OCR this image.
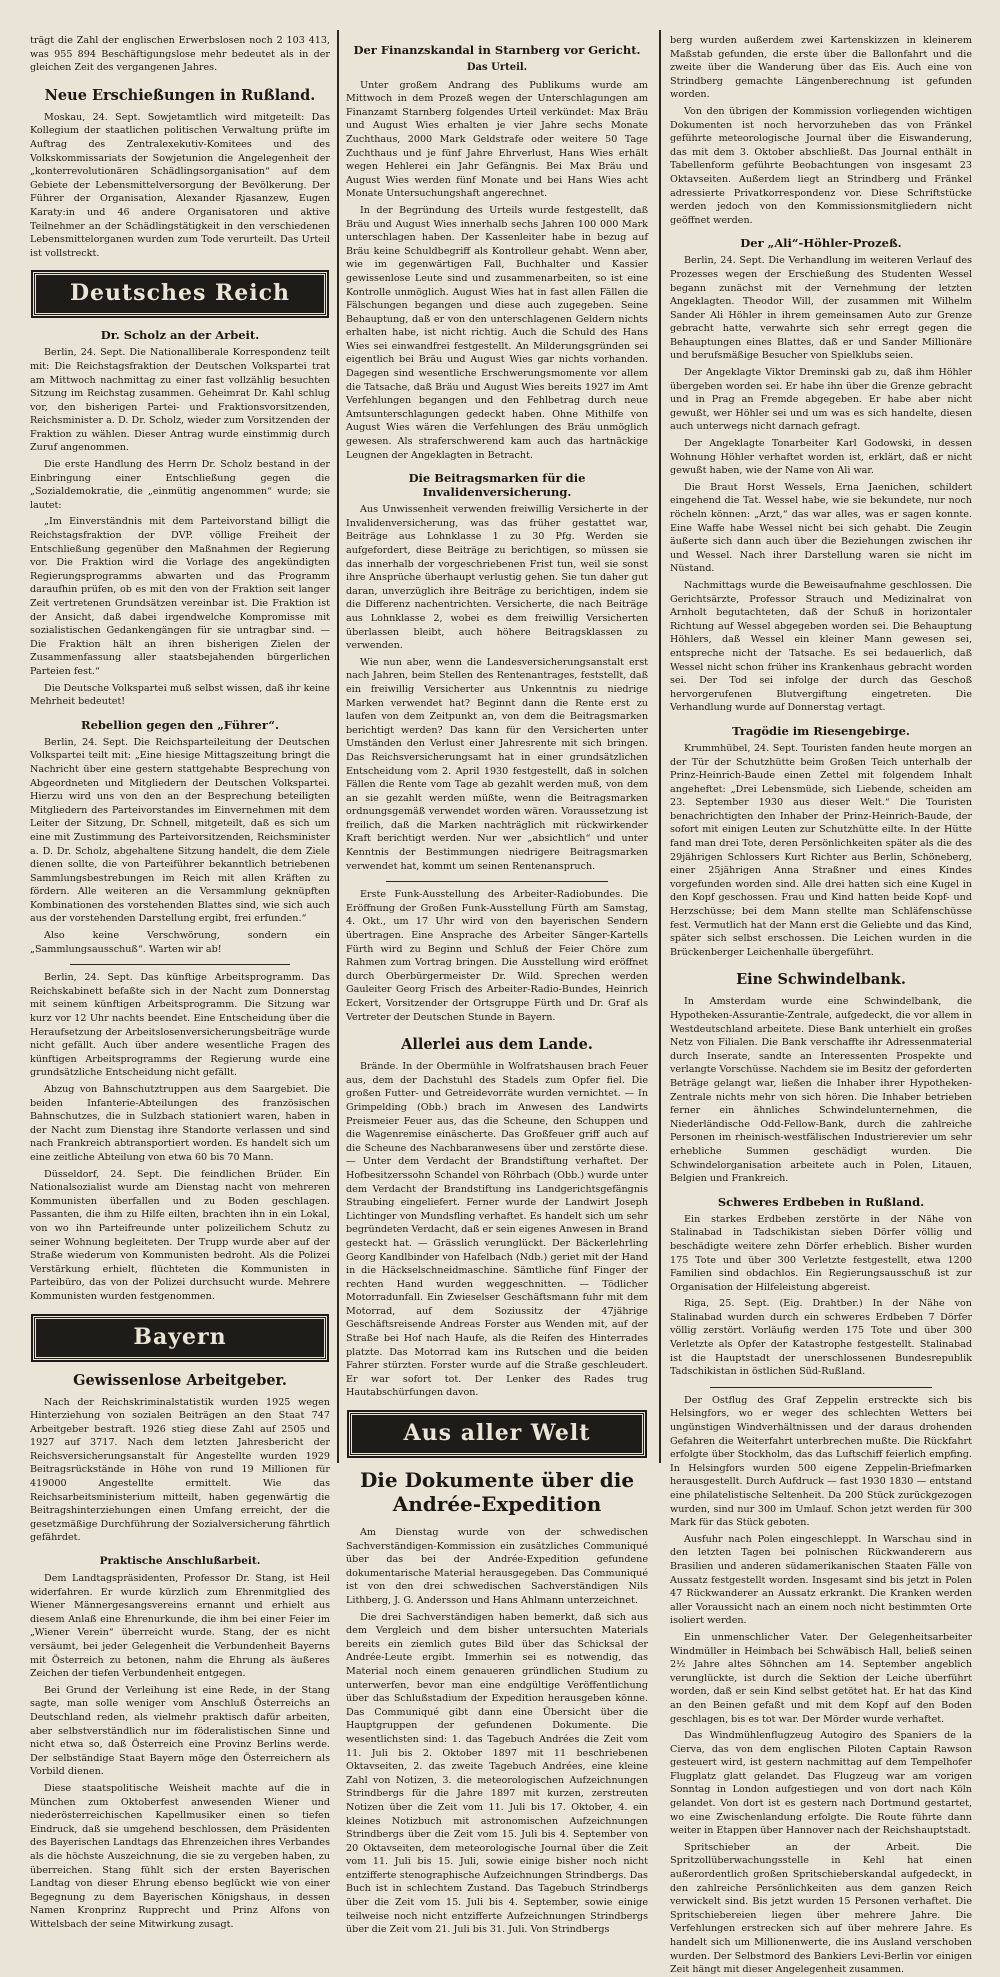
trägt die Zahl der englischen Erwerbslosen noch 2 103 413, was 955 894 Beschäftigungslose mehr bedeutet als in der gleichen Zeit des vergangenen Jahres.

Neue Erschießungen in Rußland.

Moskau, 24. Sept. Sowjetamtlich wird mitgeteilt: Das Kollegium der staatlichen politischen Verwaltung prüfte im Auftrag des Zentralexekutiv-Komitees und des Volkskommissariats der Sowjetunion die Angelegenheit der „konterrevolutionären Schädlingsorganisation“ auf dem Gebiete der Lebensmittelversorgung der Bevölkerung. Der Führer der Organisation, Alexander Rjasanzew, Eugen Karaty:in und 46 andere Organisatoren und aktive Teilnehmer an der Schädlingstätigkeit in den verschiedenen Lebensmittelorganen wurden zum Tode verurteilt. Das Urteil ist vollstreckt.

Deutsches Reich
Dr. Scholz an der Arbeit.

Berlin, 24. Sept. Die Nationalliberale Korrespondenz teilt mit: Die Reichstagsfraktion der Deutschen Volkspartei trat am Mittwoch nachmittag zu einer fast vollzählig besuchten Sitzung im Reichstag zusammen. Geheimrat Dr. Kahl schlug vor, den bisherigen Partei- und Fraktionsvorsitzenden, Reichsminister a. D. Dr. Scholz, wieder zum Vorsitzenden der Fraktion zu wählen. Dieser Antrag wurde einstimmig durch Zuruf angenommen.

Die erste Handlung des Herrn Dr. Scholz bestand in der Einbringung einer Entschließung gegen die „Sozialdemokratie, die „einmütig angenommen“ wurde; sie lautet:

„Im Einverständnis mit dem Parteivorstand billigt die Reichstagsfraktion der DVP. völlige Freiheit der Entschließung gegenüber den Maßnahmen der Regierung vor. Die Fraktion wird die Vorlage des angekündigten Regierungsprogramms abwarten und das Programm daraufhin prüfen, ob es mit den von der Fraktion seit langer Zeit vertretenen Grundsätzen vereinbar ist. Die Fraktion ist der Ansicht, daß dabei irgendwelche Kompromisse mit sozialistischen Gedankengängen für sie untragbar sind. — Die Fraktion hält an ihren bisherigen Zielen der Zusammenfassung aller staatsbejahenden bürgerlichen Parteien fest.“

Die Deutsche Volkspartei muß selbst wissen, daß ihr keine Mehrheit bedeutet!

Rebellion gegen den „Führer“.

Berlin, 24. Sept. Die Reichsparteileitung der Deutschen Volkspartei teilt mit: „Eine hiesige Mittagszeitung bringt die Nachricht über eine gestern stattgehabte Besprechung von Abgeordneten und Mitgliedern der Deutschen Volkspartei. Hierzu wird uns von den an der Besprechung beteiligten Mitgliedern des Parteivorstandes im Einvernehmen mit dem Leiter der Sitzung, Dr. Schnell, mitgeteilt, daß es sich um eine mit Zustimmung des Parteivorsitzenden, Reichsminister a. D. Dr. Scholz, abgehaltene Sitzung handelt, die dem Ziele dienen sollte, die von Parteiführer bekanntlich betriebenen Sammlungsbestrebungen im Reich mit allen Kräften zu fördern. Alle weiteren an die Versammlung geknüpften Kombinationen des vorstehenden Blattes sind, wie sich auch aus der vorstehenden Darstellung ergibt, frei erfunden.“

Also keine Verschwörung, sondern ein „Sammlungsausschuß“. Warten wir ab!

Berlin, 24. Sept. Das künftige Arbeitsprogramm. Das Reichskabinett befaßte sich in der Nacht zum Donnerstag mit seinem künftigen Arbeitsprogramm. Die Sitzung war kurz vor 12 Uhr nachts beendet. Eine Entscheidung über die Heraufsetzung der Arbeitslosenversicherungsbeiträge wurde nicht gefällt. Auch über andere wesentliche Fragen des künftigen Arbeitsprogramms der Regierung wurde eine grundsätzliche Entscheidung nicht gefällt.

Abzug von Bahnschutztruppen aus dem Saargebiet. Die beiden Infanterie-Abteilungen des französischen Bahnschutzes, die in Sulzbach stationiert waren, haben in der Nacht zum Dienstag ihre Standorte verlassen und sind nach Frankreich abtransportiert worden. Es handelt sich um eine zeitliche Abteilung von etwa 60 bis 70 Mann.

Düsseldorf, 24. Sept. Die feindlichen Brüder. Ein Nationalsozialist wurde am Dienstag nacht von mehreren Kommunisten überfallen und zu Boden geschlagen. Passanten, die ihm zu Hilfe eilten, brachten ihn in ein Lokal, von wo ihn Parteifreunde unter polizeilichem Schutz zu seiner Wohnung begleiteten. Der Trupp wurde aber auf der Straße wiederum von Kommunisten bedroht. Als die Polizei Verstärkung erhielt, flüchteten die Kommunisten in Parteibüro, das von der Polizei durchsucht wurde. Mehrere Kommunisten wurden festgenommen.

Bayern
Gewissenlose Arbeitgeber.

Nach der Reichskriminalstatistik wurden 1925 wegen Hinterziehung von sozialen Beiträgen an den Staat 747 Arbeitgeber bestraft. 1926 stieg diese Zahl auf 2505 und 1927 auf 3717. Nach dem letzten Jahresbericht der Reichsversicherungsanstalt für Angestellte wurden 1929 Beitragsrückstände in Höhe von rund 19 Millionen für 419000 Angestellte ermittelt. Wie das Reichsarbeitsministerium mitteilt, haben gegenwärtig die Beitragshinterziehungen einen Umfang erreicht, der die gesetzmäßige Durchführung der Sozialversicherung fährtlich gefährdet.

Praktische Anschlußarbeit.

Dem Landtagspräsidenten, Professor Dr. Stang, ist Heil widerfahren. Er wurde kürzlich zum Ehrenmitglied des Wiener Männergesangsvereins ernannt und erhielt aus diesem Anlaß eine Ehrenurkunde, die ihm bei einer Feier im „Wiener Verein“ überreicht wurde. Stang, der es nicht versäumt, bei jeder Gelegenheit die Verbundenheit Bayerns mit Österreich zu betonen, nahm die Ehrung als äußeres Zeichen der tiefen Verbundenheit entgegen.

Bei Grund der Verleihung ist eine Rede, in der Stang sagte, man solle weniger vom Anschluß Österreichs an Deutschland reden, als vielmehr praktisch dafür arbeiten, aber selbstverständlich nur im föderalistischen Sinne und nicht etwa so, daß Österreich eine Provinz Berlins werde. Der selbständige Staat Bayern möge den Österreichern als Vorbild dienen.

Diese staatspolitische Weisheit machte auf die in München zum Oktoberfest anwesenden Wiener und niederösterreichischen Kapellmusiker einen so tiefen Eindruck, daß sie umgehend beschlossen, dem Präsidenten des Bayerischen Landtags das Ehrenzeichen ihres Verbandes als die höchste Auszeichnung, die sie zu vergeben haben, zu überreichen. Stang fühlt sich der ersten Bayerischen Landtag von dieser Ehrung ebenso beglückt wie von einer Begegnung zu dem Bayerischen Königshaus, in dessen Namen Kronprinz Rupprecht und Prinz Alfons von Wittelsbach der seine Mitwirkung zusagt.

Der Finanzskandal in Starnberg vor Gericht.
Das Urteil.

Unter großem Andrang des Publikums wurde am Mittwoch in dem Prozeß wegen der Unterschlagungen am Finanzamt Starnberg folgendes Urteil verkündet: Max Bräu und August Wies erhalten je vier Jahre sechs Monate Zuchthaus, 2000 Mark Geldstrafe oder weitere 50 Tage Zuchthaus und je fünf Jahre Ehrverlust, Hans Wies erhält wegen Hehlerei ein Jahr Gefängnis. Bei Max Bräu und August Wies werden fünf Monate und bei Hans Wies acht Monate Untersuchungshaft angerechnet.

In der Begründung des Urteils wurde festgestellt, daß Bräu und August Wies innerhalb sechs Jahren 100 000 Mark unterschlagen haben. Der Kassenleiter habe in bezug auf Bräu keine Schuldbegriff als Kontrolleur gehabt. Wenn aber, wie im gegenwärtigen Fall, Buchhalter und Kassier gewissenlose Leute sind und zusammenarbeiten, so ist eine Kontrolle unmöglich. August Wies hat in fast allen Fällen die Fälschungen begangen und diese auch zugegeben. Seine Behauptung, daß er von den unterschlagenen Geldern nichts erhalten habe, ist nicht richtig. Auch die Schuld des Hans Wies sei einwandfrei festgestellt. An Milderungsgründen sei eigentlich bei Bräu und August Wies gar nichts vorhanden. Dagegen sind wesentliche Erschwerungsmomente vor allem die Tatsache, daß Bräu und August Wies bereits 1927 im Amt Verfehlungen begangen und den Fehlbetrag durch neue Amtsunterschlagungen gedeckt haben. Ohne Mithilfe von August Wies wären die Verfehlungen des Bräu unmöglich gewesen. Als straferschwerend kam auch das hartnäckige Leugnen der Angeklagten in Betracht.

Die Beitragsmarken für die Invalidenversicherung.

Aus Unwissenheit verwenden freiwillig Versicherte in der Invalidenversicherung, was das früher gestattet war, Beiträge aus Lohnklasse 1 zu 30 Pfg. Werden sie aufgefordert, diese Beiträge zu berichtigen, so müssen sie das innerhalb der vorgeschriebenen Frist tun, weil sie sonst ihre Ansprüche überhaupt verlustig gehen. Sie tun daher gut daran, unverzüglich ihre Beiträge zu berichtigen, indem sie die Differenz nachentrichten. Versicherte, die nach Beiträge aus Lohnklasse 2, wobei es dem freiwillig Versicherten überlassen bleibt, auch höhere Beitragsklassen zu verwenden.

Wie nun aber, wenn die Landesversicherungsanstalt erst nach Jahren, beim Stellen des Rentenantrages, feststellt, daß ein freiwillig Versicherter aus Unkenntnis zu niedrige Marken verwendet hat? Beginnt dann die Rente erst zu laufen von dem Zeitpunkt an, von dem die Beitragsmarken berichtigt werden? Das kann für den Versicherten unter Umständen den Verlust einer Jahresrente mit sich bringen. Das Reichsversicherungsamt hat in einer grundsätzlichen Entscheidung vom 2. April 1930 festgestellt, daß in solchen Fällen die Rente vom Tage ab gezahlt werden muß, von dem an sie gezahlt werden müßte, wenn die Beitragsmarken ordnungsgemäß verwendet worden wären. Voraussetzung ist freilich, daß die Marken nachträglich mit rückwirkender Kraft berichtigt werden. Nur wer „absichtlich“ und unter Kenntnis der Bestimmungen niedrigere Beitragsmarken verwendet hat, kommt um seinen Rentenanspruch.

Erste Funk-Ausstellung des Arbeiter-Radiobundes. Die Eröffnung der Großen Funk-Ausstellung Fürth am Samstag, 4. Okt., um 17 Uhr wird von den bayerischen Sendern übertragen. Eine Ansprache des Arbeiter Sänger-Kartells Fürth wird zu Beginn und Schluß der Feier Chöre zum Rahmen zum Vortrag bringen. Die Ausstellung wird eröffnet durch Oberbürgermeister Dr. Wild. Sprechen werden Gauleiter Georg Frisch des Arbeiter-Radio-Bundes, Heinrich Eckert, Vorsitzender der Ortsgruppe Fürth und Dr. Graf als Vertreter der Deutschen Stunde in Bayern.

Allerlei aus dem Lande.

Brände. In der Obermühle in Wolfratshausen brach Feuer aus, dem der Dachstuhl des Stadels zum Opfer fiel. Die großen Futter- und Getreidevorräte wurden vernichtet. — In Grimpelding (Obb.) brach im Anwesen des Landwirts Preismeier Feuer aus, das die Scheune, den Schuppen und die Wagenremise einäscherte. Das Großfeuer griff auch auf die Scheune des Nachbaranwesens über und zerstörte diese. — Unter dem Verdacht der Brandstiftung verhaftet. Der Hofbesitzerssohn Schandel von Röhrbach (Obb.) wurde unter dem Verdacht der Brandstiftung ins Landgerichtsgefängnis Straubing eingeliefert. Ferner wurde der Landwirt Joseph Lichtinger von Mundsfling verhaftet. Es handelt sich um sehr begründeten Verdacht, daß er sein eigenes Anwesen in Brand gesteckt hat. — Grässlich verunglückt. Der Bäckerlehrling Georg Kandlbinder von Hafelbach (Ndb.) geriet mit der Hand in die Häckselschneidmaschine. Sämtliche fünf Finger der rechten Hand wurden weggeschnitten. — Tödlicher Motorradunfall. Ein Zwieselser Geschäftsmann fuhr mit dem Motorrad, auf dem Soziussitz der 47jährige Geschäftsreisende Andreas Forster aus Wenden mit, auf der Straße bei Hof nach Haufe, als die Reifen des Hinterrades platzte. Das Motorrad kam ins Rutschen und die beiden Fahrer stürzten. Forster wurde auf die Straße geschleudert. Er war sofort tot. Der Lenker des Rades trug Hautabschürfungen davon.

Aus aller Welt
Die Dokumente über die Andrée-Expedition

Am Dienstag wurde von der schwedischen Sachverständigen-Kommission ein zusätzliches Communiqué über das bei der Andrée-Expedition gefundene dokumentarische Material herausgegeben. Das Communiqué ist von den drei schwedischen Sachverständigen Nils Lithberg, J. G. Andersson und Hans Ahlmann unterzeichnet.

Die drei Sachverständigen haben bemerkt, daß sich aus dem Vergleich und dem bisher untersuchten Materials bereits ein ziemlich gutes Bild über das Schicksal der Andrée-Leute ergibt. Immerhin sei es notwendig, das Material noch einem genaueren gründlichen Studium zu unterwerfen, bevor man eine endgültige Veröffentlichung über das Schlußstadium der Expedition herausgeben könne. Das Communiqué gibt dann eine Übersicht über die Hauptgruppen der gefundenen Dokumente. Die wesentlichsten sind: 1. das Tagebuch Andrées die Zeit vom 11. Juli bis 2. Oktober 1897 mit 11 beschriebenen Oktavseiten, 2. das zweite Tagebuch Andrées, eine kleine Zahl von Notizen, 3. die meteorologischen Aufzeichnungen Strindbergs für die Jahre 1897 mit kurzen, zerstreuten Notizen über die Zeit vom 11. Juli bis 17. Oktober, 4. ein kleines Notizbuch mit astronomischen Aufzeichnungen Strindbergs über die Zeit vom 15. Juli bis 4. September von 20 Oktavseiten, dem meteorologische Journal über die Zeit vom 11. Juli bis 15. Juli, sowie einige bisher noch nicht entzifferte stenographische Aufzeichnungen Strindbergs. Das Buch ist in schlechtem Zustand. Das Tagebuch Strindbergs über die Zeit vom 15. Juli bis 4. September, sowie einige teilweise noch nicht entzifferte Aufzeichnungen Strindbergs über die Zeit vom 21. Juli bis 31. Juli. Von Strindbergs

berg wurden außerdem zwei Kartenskizzen in kleinerem Maßstab gefunden, die erste über die Ballonfahrt und die zweite über die Wanderung über das Eis. Auch eine von Strindberg gemachte Längenberechnung ist gefunden worden.

Von den übrigen der Kommission vorliegenden wichtigen Dokumenten ist noch hervorzuheben das von Fränkel geführte meteorologische Journal über die Eiswanderung, das mit dem 3. Oktober abschließt. Das Journal enthält in Tabellenform geführte Beobachtungen von insgesamt 23 Oktavseiten. Außerdem liegt an Strindberg und Fränkel adressierte Privatkorrespondenz vor. Diese Schriftstücke werden jedoch von den Kommissionsmitgliedern nicht geöffnet werden.

Der „Ali“-Höhler-Prozeß.

Berlin, 24. Sept. Die Verhandlung im weiteren Verlauf des Prozesses wegen der Erschießung des Studenten Wessel begann zunächst mit der Vernehmung der letzten Angeklagten. Theodor Will, der zusammen mit Wilhelm Sander Ali Höhler in ihrem gemeinsamen Auto zur Grenze gebracht hatte, verwahrte sich sehr erregt gegen die Behauptungen eines Blattes, daß er und Sander Millionäre und berufsmäßige Besucher von Spielklubs seien.

Der Angeklagte Viktor Dreminski gab zu, daß ihm Höhler übergeben worden sei. Er habe ihn über die Grenze gebracht und in Prag an Fremde abgegeben. Er habe aber nicht gewußt, wer Höhler sei und um was es sich handelte, diesen auch unterwegs nicht darnach gefragt.

Der Angeklagte Tonarbeiter Karl Godowski, in dessen Wohnung Höhler verhaftet worden ist, erklärt, daß er nicht gewußt haben, wie der Name von Ali war.

Die Braut Horst Wessels, Erna Jaenichen, schildert eingehend die Tat. Wessel habe, wie sie bekundete, nur noch röcheln können: „Arzt,“ das war alles, was er sagen konnte. Eine Waffe habe Wessel nicht bei sich gehabt. Die Zeugin äußerte sich dann auch über die Beziehungen zwischen ihr und Wessel. Nach ihrer Darstellung waren sie nicht im Nüstand.

Nachmittags wurde die Beweisaufnahme geschlossen. Die Gerichtsärzte, Professor Strauch und Medizinalrat von Arnholt begutachteten, daß der Schuß in horizontaler Richtung auf Wessel abgegeben worden sei. Die Behauptung Höhlers, daß Wessel ein kleiner Mann gewesen sei, entspreche nicht der Tatsache. Es sei bedauerlich, daß Wessel nicht schon früher ins Krankenhaus gebracht worden sei. Der Tod sei infolge der durch das Geschoß hervorgerufenen Blutvergiftung eingetreten. Die Verhandlung wurde auf Donnerstag vertagt.

Tragödie im Riesengebirge.

Krummhübel, 24. Sept. Touristen fanden heute morgen an der Tür der Schutzhütte beim Großen Teich unterhalb der Prinz-Heinrich-Baude einen Zettel mit folgendem Inhalt angeheftet: „Drei Lebensmüde, sich Liebende, scheiden am 23. September 1930 aus dieser Welt.“ Die Touristen benachrichtigten den Inhaber der Prinz-Heinrich-Baude, der sofort mit einigen Leuten zur Schutzhütte eilte. In der Hütte fand man drei Tote, deren Persönlichkeiten später als die des 29jährigen Schlossers Kurt Richter aus Berlin, Schöneberg, einer 25jährigen Anna Straßner und eines Kindes vorgefunden worden sind. Alle drei hatten sich eine Kugel in den Kopf geschossen. Frau und Kind hatten beide Kopf- und Herzschüsse; bei dem Mann stellte man Schläfenschüsse fest. Vermutlich hat der Mann erst die Geliebte und das Kind, später sich selbst erschossen. Die Leichen wurden in die Brückenberger Leichenhalle übergeführt.

Eine Schwindelbank.

In Amsterdam wurde eine Schwindelbank, die Hypotheken-Assurantie-Zentrale, aufgedeckt, die vor allem in Westdeutschland arbeitete. Diese Bank unterhielt ein großes Netz von Filialen. Die Bank verschaffte ihr Adressenmaterial durch Inserate, sandte an Interessenten Prospekte und verlangte Vorschüsse. Nachdem sie im Besitz der geforderten Beträge gelangt war, ließen die Inhaber ihrer Hypotheken-Zentrale nichts mehr von sich hören. Die Inhaber betrieben ferner ein ähnliches Schwindelunternehmen, die Niederländische Odd-Fellow-Bank, durch die zahlreiche Personen im rheinisch-westfälischen Industrierevier um sehr erhebliche Summen geschädigt wurden. Die Schwindelorganisation arbeitete auch in Polen, Litauen, Belgien und Frankreich.

Schweres Erdbeben in Rußland.

Ein starkes Erdbeben zerstörte in der Nähe von Stalinabad in Tadschikistan sieben Dörfer völlig und beschädigte weitere zehn Dörfer erheblich. Bisher wurden 175 Tote und über 300 Verletzte festgestellt, etwa 1200 Familien sind obdachlos. Ein Regierungsausschuß ist zur Organisation der Hilfeleistung abgereist.

Riga, 25. Sept. (Eig. Drahtber.) In der Nähe von Stalinabad wurden durch ein schweres Erdbeben 7 Dörfer völlig zerstört. Vorläufig werden 175 Tote und über 300 Verletzte als Opfer der Katastrophe festgestellt. Stalinabad ist die Hauptstadt der unerschlossenen Bundesrepublik Tadschikistan in östlichen Süd-Rußland.

Der Ostflug des Graf Zeppelin erstreckte sich bis Helsingfors, wo er weger des schlechten Wetters bei ungünstigen Windverhältnissen und der daraus drohenden Gefahren die Weiterfahrt unterbrechen mußte. Die Rückfahrt erfolgte über Stockholm, das das Luftschiff feierlich empfing. In Helsingfors wurden 500 eigene Zeppelin-Briefmarken herausgestellt. Durch Aufdruck — fast 1930 1830 — entstand eine philatelistische Seltenheit. Da 200 Stück zurückgezogen wurden, sind nur 300 im Umlauf. Schon jetzt werden für 300 Mark für das Stück geboten.

Ausfuhr nach Polen eingeschleppt. In Warschau sind in den letzten Tagen bei polnischen Rückwanderern aus Brasilien und anderen südamerikanischen Staaten Fälle von Aussatz festgestellt worden. Insgesamt sind bis jetzt in Polen 47 Rückwanderer an Aussatz erkrankt. Die Kranken werden aller Voraussicht nach an einem noch nicht bestimmten Orte isoliert werden.

Ein unmenschlicher Vater. Der Gelegenheitsarbeiter Windmüller in Heimbach bei Schwäbisch Hall, beließ seinen 2½ Jahre altes Söhnchen am 14. September angeblich verunglückte, ist durch die Sektion der Leiche überführt worden, daß er sein Kind selbst getötet hat. Er hat das Kind an den Beinen gefaßt und mit dem Kopf auf den Boden geschlagen, bis es tot war. Der Mörder wurde verhaftet.

Das Windmühlenflugzeug Autogiro des Spaniers de la Cierva, das von dem englischen Piloten Captain Rawson gesteuert wird, ist gestern nachmittag auf dem Tempelhofer Flugplatz glatt gelandet. Das Flugzeug war am vorigen Sonntag in London aufgestiegen und von dort nach Köln gelandet. Von dort ist es gestern nach Dortmund gestartet, wo eine Zwischenlandung erfolgte. Die Route führte dann weiter in Etappen über Hannover nach der Reichshauptstadt.

Spritschieber an der Arbeit. Die Spritzollüberwachungsstelle in Kehl hat einen außerordentlich großen Spritschieberskandal aufgedeckt, in den zahlreiche Persönlichkeiten aus dem ganzen Reich verwickelt sind. Bis jetzt wurden 15 Personen verhaftet. Die Spritschiebereien liegen über mehrere Jahre. Die Verfehlungen erstrecken sich auf über mehrere Jahre. Es handelt sich um Millionenwerte, die ins Ausland verschoben wurden. Der Selbstmord des Bankiers Levi-Berlin vor einigen Zeit hängt mit dieser Angelegenheit zusammen.
